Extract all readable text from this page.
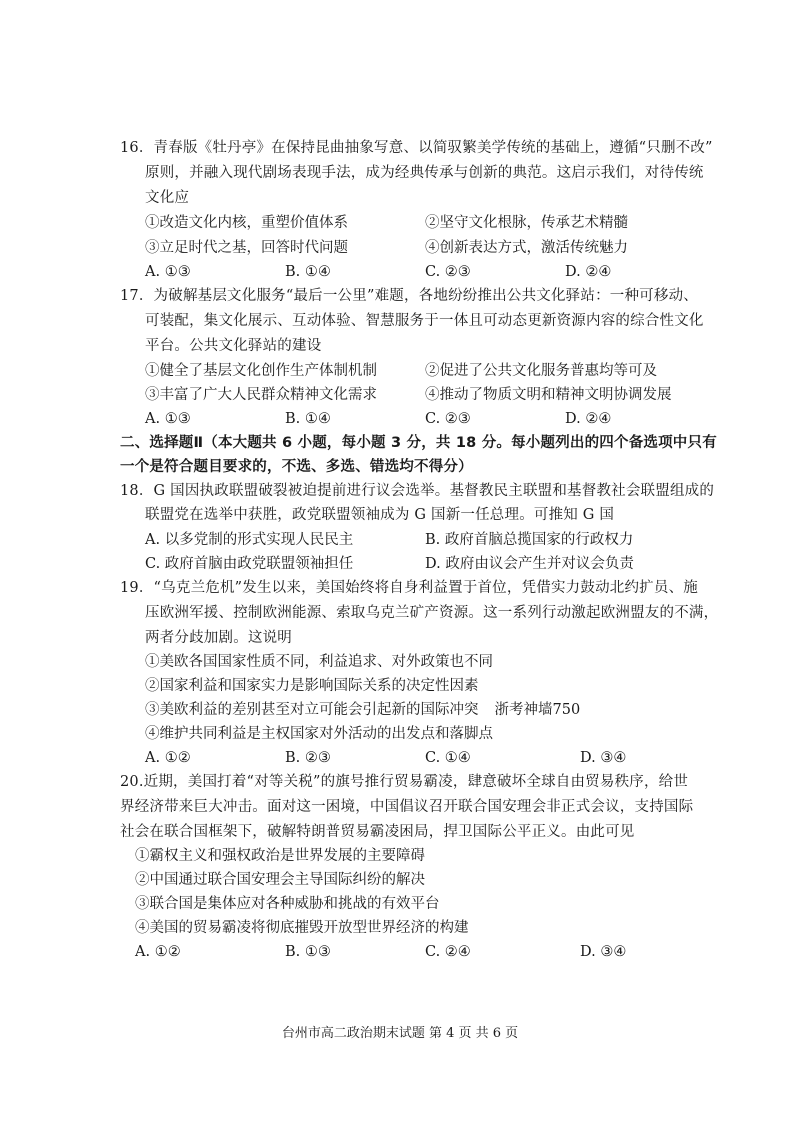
16．青春版《牡丹亭》在保持昆曲抽象写意、以简驭繁美学传统的基础上，遵循“只删不改”
原则，并融入现代剧场表现手法，成为经典传承与创新的典范。这启示我们，对待传统
文化应
①改造文化内核，重塑价值体系	②坚守文化根脉，传承艺术精髓
③立足时代之基，回答时代问题	④创新表达方式，激活传统魅力
A. ①③	B. ①④	C. ②③	D. ②④
17．为破解基层文化服务“最后一公里”难题，各地纷纷推出公共文化驿站：一种可移动、
可装配，集文化展示、互动体验、智慧服务于一体且可动态更新资源内容的综合性文化
平台。公共文化驿站的建设
①健全了基层文化创作生产体制机制	②促进了公共文化服务普惠均等可及
③丰富了广大人民群众精神文化需求	④推动了物质文明和精神文明协调发展
A. ①③	B. ①④	C. ②③	D. ②④
二、选择题Ⅱ（本大题共 6 小题，每小题 3 分，共 18 分。每小题列出的四个备选项中只有
一个是符合题目要求的，不选、多选、错选均不得分）
18．G 国因执政联盟破裂被迫提前进行议会选举。基督教民主联盟和基督教社会联盟组成的
联盟党在选举中获胜，政党联盟领袖成为 G 国新一任总理。可推知 G 国
A. 以多党制的形式实现人民民主	B. 政府首脑总揽国家的行政权力
C. 政府首脑由政党联盟领袖担任	D. 政府由议会产生并对议会负责
19．“乌克兰危机”发生以来，美国始终将自身利益置于首位，凭借实力鼓动北约扩员、施
压欧洲军援、控制欧洲能源、索取乌克兰矿产资源。这一系列行动激起欧洲盟友的不满，
两者分歧加剧。这说明
①美欧各国国家性质不同，利益追求、对外政策也不同
②国家利益和国家实力是影响国际关系的决定性因素
③美欧利益的差别甚至对立可能会引起新的国际冲突 浙考神墙750
④维护共同利益是主权国家对外活动的出发点和落脚点
A. ①②	B. ②③	C. ①④	D. ③④
20.近期，美国打着“对等关税”的旗号推行贸易霸凌，肆意破坏全球自由贸易秩序，给世
界经济带来巨大冲击。面对这一困境，中国倡议召开联合国安理会非正式会议，支持国际
社会在联合国框架下，破解特朗普贸易霸凌困局，捍卫国际公平正义。由此可见
①霸权主义和强权政治是世界发展的主要障碍
②中国通过联合国安理会主导国际纠纷的解决
③联合国是集体应对各种威胁和挑战的有效平台
④美国的贸易霸凌将彻底摧毁开放型世界经济的构建
A. ①②	B. ①③	C. ②④	D. ③④
台州市高二政治期末试题 第 4 页 共 6 页
